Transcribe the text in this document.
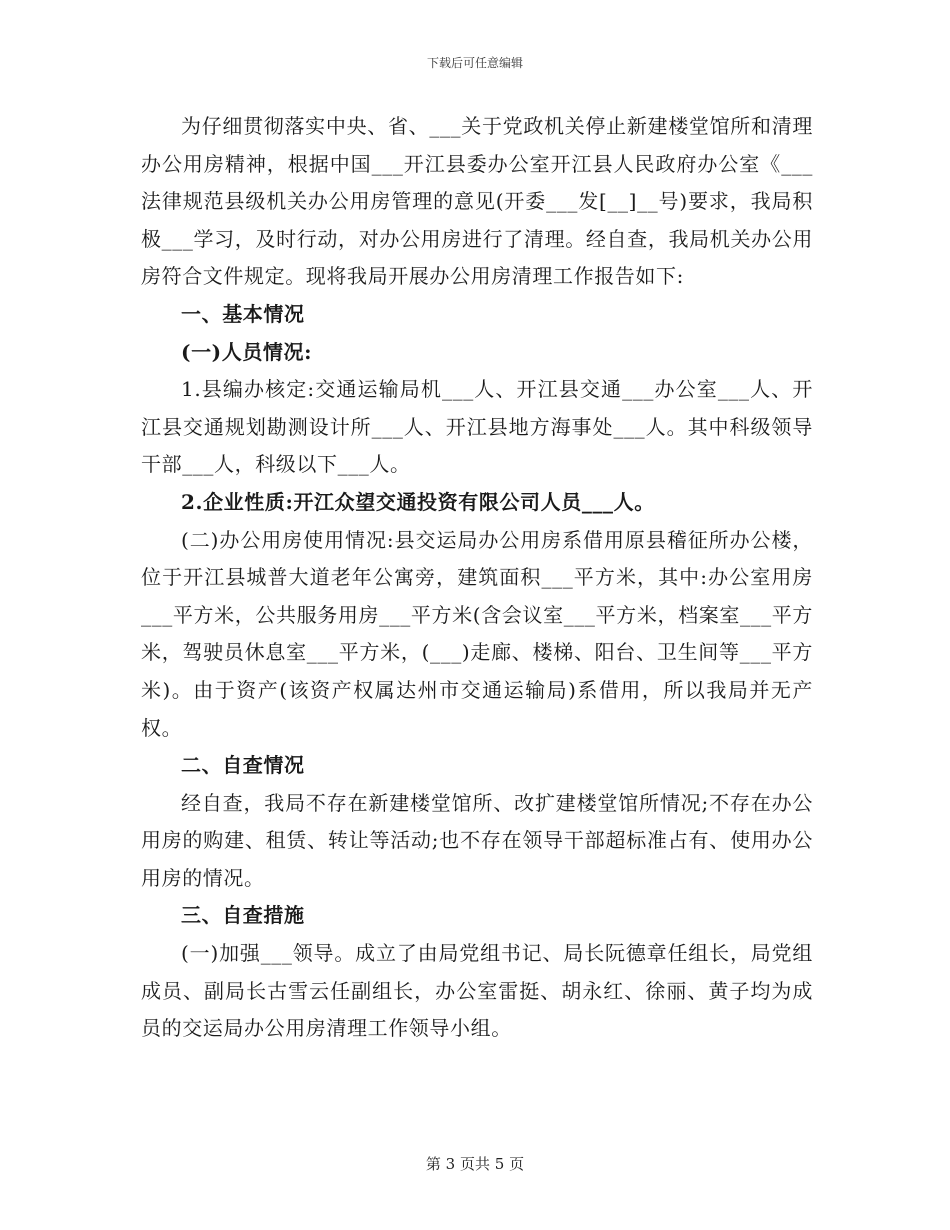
下载后可任意编辑

为仔细贯彻落实中央、省、___关于党政机关停止新建楼堂馆所和清理办公用房精神，根据中国___开江县委办公室开江县人民政府办公室《___法律规范县级机关办公用房管理的意见(开委___发[__]__号)要求，我局积极___学习，及时行动，对办公用房进行了清理。经自查，我局机关办公用房符合文件规定。现将我局开展办公用房清理工作报告如下:

一、基本情况

(一)人员情况:

1.县编办核定:交通运输局机___人、开江县交通___办公室___人、开江县交通规划勘测设计所___人、开江县地方海事处___人。其中科级领导干部___人，科级以下___人。

2.企业性质:开江众望交通投资有限公司人员___人。

(二)办公用房使用情况:县交运局办公用房系借用原县稽征所办公楼，位于开江县城普大道老年公寓旁，建筑面积___平方米，其中:办公室用房___平方米，公共服务用房___平方米(含会议室___平方米，档案室___平方米，驾驶员休息室___平方米，(___)走廊、楼梯、阳台、卫生间等___平方米)。由于资产(该资产权属达州市交通运输局)系借用，所以我局并无产权。

二、自查情况

经自查，我局不存在新建楼堂馆所、改扩建楼堂馆所情况;不存在办公用房的购建、租赁、转让等活动;也不存在领导干部超标准占有、使用办公用房的情况。

三、自查措施

(一)加强___领导。成立了由局党组书记、局长阮德章任组长，局党组成员、副局长古雪云任副组长，办公室雷挺、胡永红、徐丽、黄子均为成员的交运局办公用房清理工作领导小组。

第 3 页共 5 页
